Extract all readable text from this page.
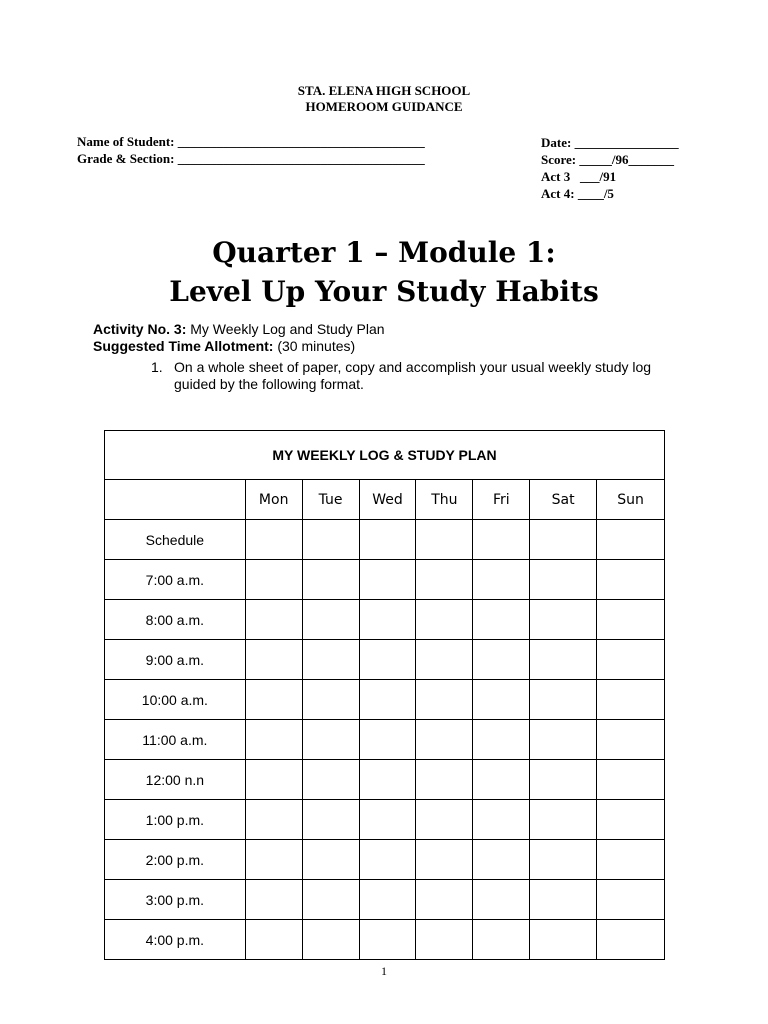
STA. ELENA HIGH SCHOOL
HOMEROOM GUIDANCE
Name of Student: ______________________________________
Grade & Section: ______________________________________
Date: ________________
Score: _____/96_______
Act 3   ___/91
Act 4: ____/5
Quarter 1 – Module 1:
Level Up Your Study Habits
Activity No. 3: My Weekly Log and Study Plan
Suggested Time Allotment: (30 minutes)
1. On a whole sheet of paper, copy and accomplish your usual weekly study log guided by the following format.
MY WEEKLY LOG & STUDY PLAN							
	Mon	Tue	Wed	Thu	Fri	Sat	Sun
Schedule							
7:00 a.m.							
8:00 a.m.							
9:00 a.m.							
10:00 a.m.							
11:00 a.m.							
12:00 n.n							
1:00 p.m.							
2:00 p.m.							
3:00 p.m.							
4:00 p.m.							
1
